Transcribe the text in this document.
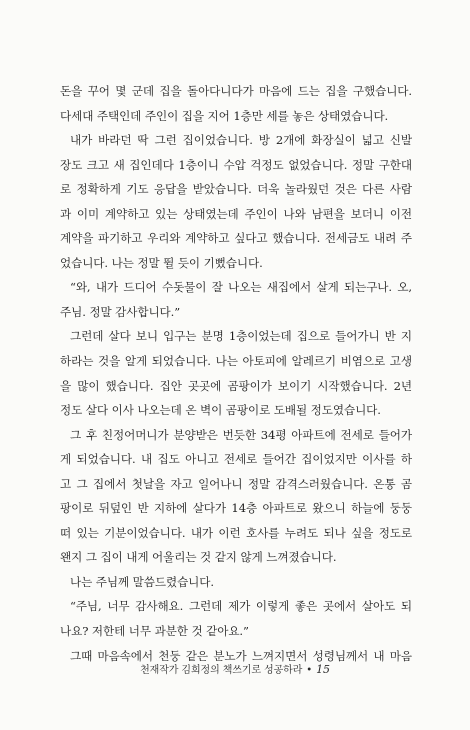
돈을 꾸어 몇 군데 집을 돌아다니다가 마음에 드는 집을 구했습니다.
다세대 주택인데 주인이 집을 지어 1층만 세를 놓은 상태였습니다.
내가 바라던 딱 그런 집이었습니다. 방 2개에 화장실이 넓고 신발
장도 크고 새 집인데다 1층이니 수압 걱정도 없었습니다. 정말 구한대
로 정확하게 기도 응답을 받았습니다. 더욱 놀라웠던 것은 다른 사람
과 이미 계약하고 있는 상태였는데 주인이 나와 남편을 보더니 이전
계약을 파기하고 우리와 계약하고 싶다고 했습니다. 전세금도 내려 주
었습니다. 나는 정말 뛸 듯이 기뻤습니다.
“와, 내가 드디어 수돗물이 잘 나오는 새집에서 살게 되는구나. 오,
주님. 정말 감사합니다.”
그런데 살다 보니 입구는 분명 1층이었는데 집으로 들어가니 반 지
하라는 것을 알게 되었습니다. 나는 아토피에 알레르기 비염으로 고생
을 많이 했습니다. 집안 곳곳에 곰팡이가 보이기 시작했습니다. 2년
정도 살다 이사 나오는데 온 벽이 곰팡이로 도배될 정도였습니다.
그 후 친정어머니가 분양받은 번듯한 34평 아파트에 전세로 들어가
게 되었습니다. 내 집도 아니고 전세로 들어간 집이었지만 이사를 하
고 그 집에서 첫날을 자고 일어나니 정말 감격스러웠습니다. 온통 곰
팡이로 뒤덮인 반 지하에 살다가 14층 아파트로 왔으니 하늘에 둥둥
떠 있는 기분이었습니다. 내가 이런 호사를 누려도 되나 싶을 정도로
왠지 그 집이 내게 어울리는 것 같지 않게 느껴졌습니다.
나는 주님께 말씀드렸습니다.
“주님, 너무 감사해요. 그런데 제가 이렇게 좋은 곳에서 살아도 되
나요? 저한테 너무 과분한 것 같아요.”
그때 마음속에서 천둥 같은 분노가 느껴지면서 성령님께서 내 마음
천재작가 김희정의 책쓰기로 성공하라 • 15
